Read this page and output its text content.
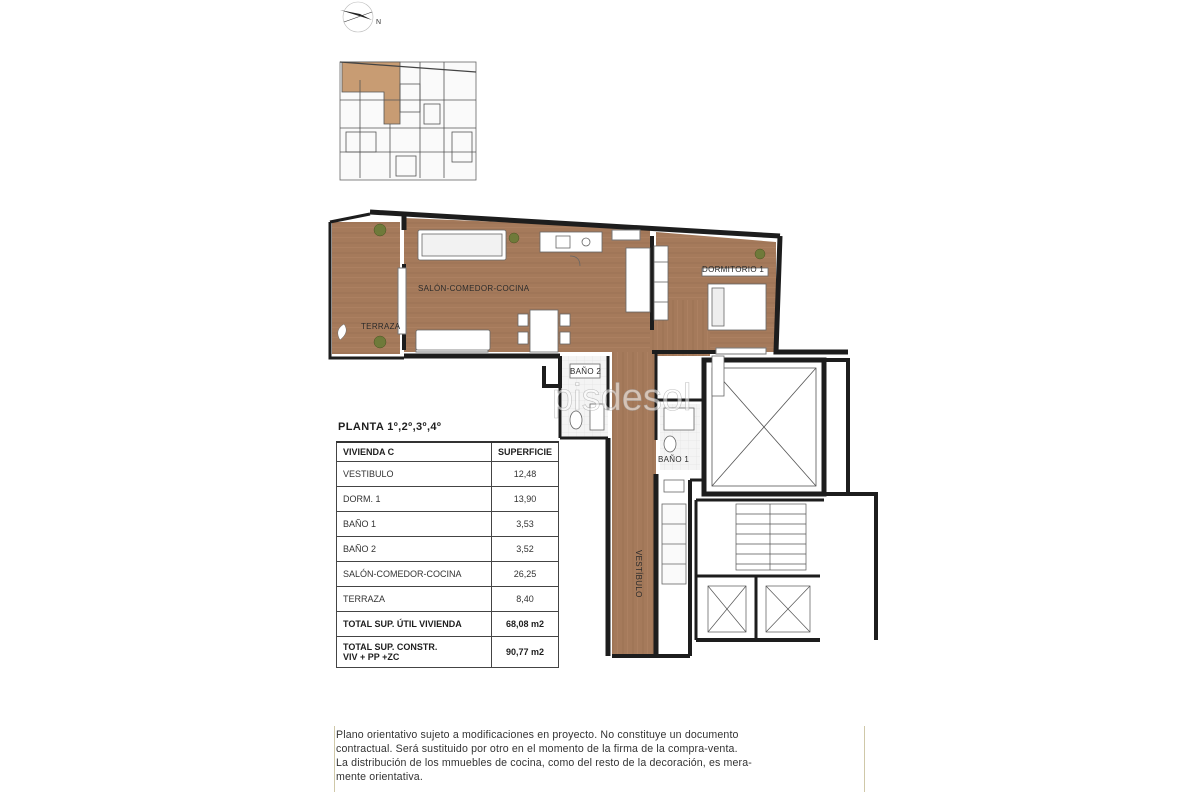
N
SALÓN-COMEDOR-COCINA
DORMITORIO 1
TERRAZA
BAÑO 2
BAÑO 1
VESTÍBULO
pisdesol
PLANTA 1º,2º,3º,4º
VIVIENDA C	SUPERFICIE
VESTIBULO	12,48
DORM. 1	13,90
BAÑO 1	3,53
BAÑO 2	3,52
SALÓN-COMEDOR-COCINA	26,25
TERRAZA	8,40
TOTAL SUP. ÚTIL VIVIENDA	68,08 m2
TOTAL SUP. CONSTR.
VIV + PP +ZC	90,77 m2

Plano orientativo sujeto a modificaciones en proyecto. No constituye un documento

contractual. Será sustituido por otro en el momento de la firma de la compra-venta.

La distribución de los mmuebles de cocina, como del resto de la decoración, es mera-

mente orientativa.
